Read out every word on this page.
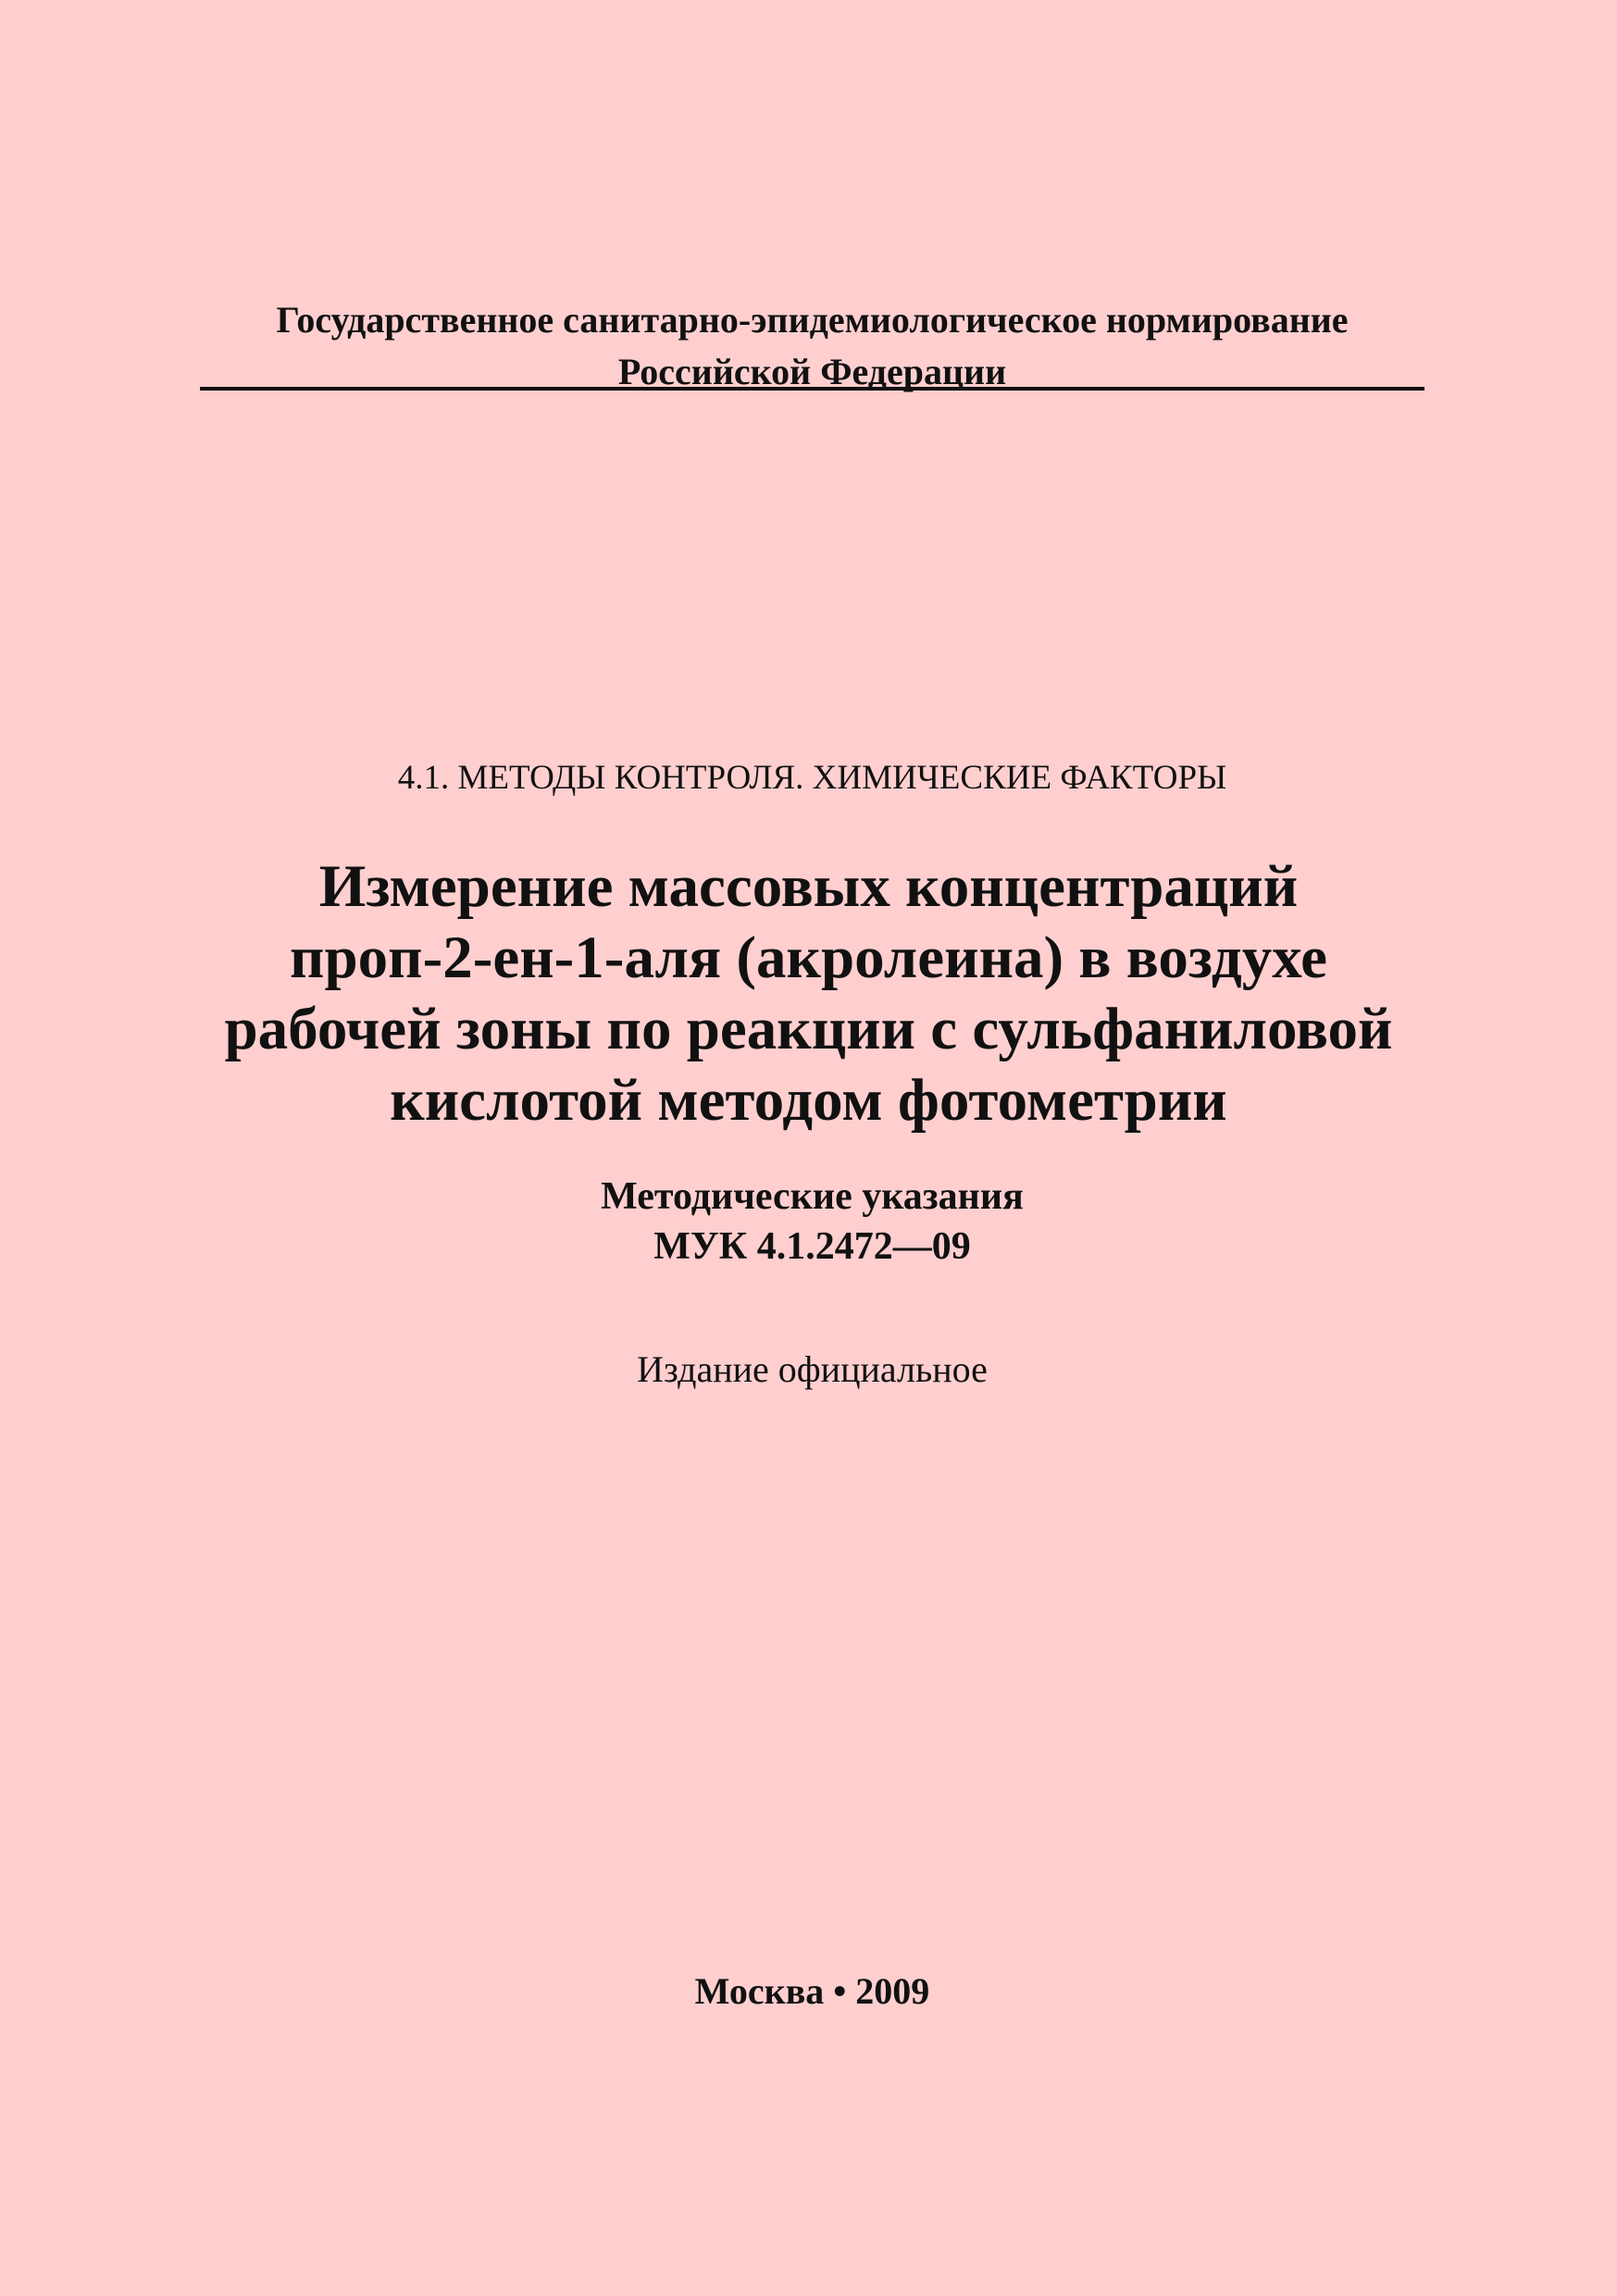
Государственное санитарно-эпидемиологическое нормирование
Российской Федерации
4.1. МЕТОДЫ КОНТРОЛЯ. ХИМИЧЕСКИЕ ФАКТОРЫ
Измерение массовых концентраций
проп-2-ен-1-аля (акролеина) в воздухе
рабочей зоны по реакции с сульфаниловой
кислотой методом фотометрии
Методические указания
МУК 4.1.2472—09
Издание официальное
Москва • 2009
